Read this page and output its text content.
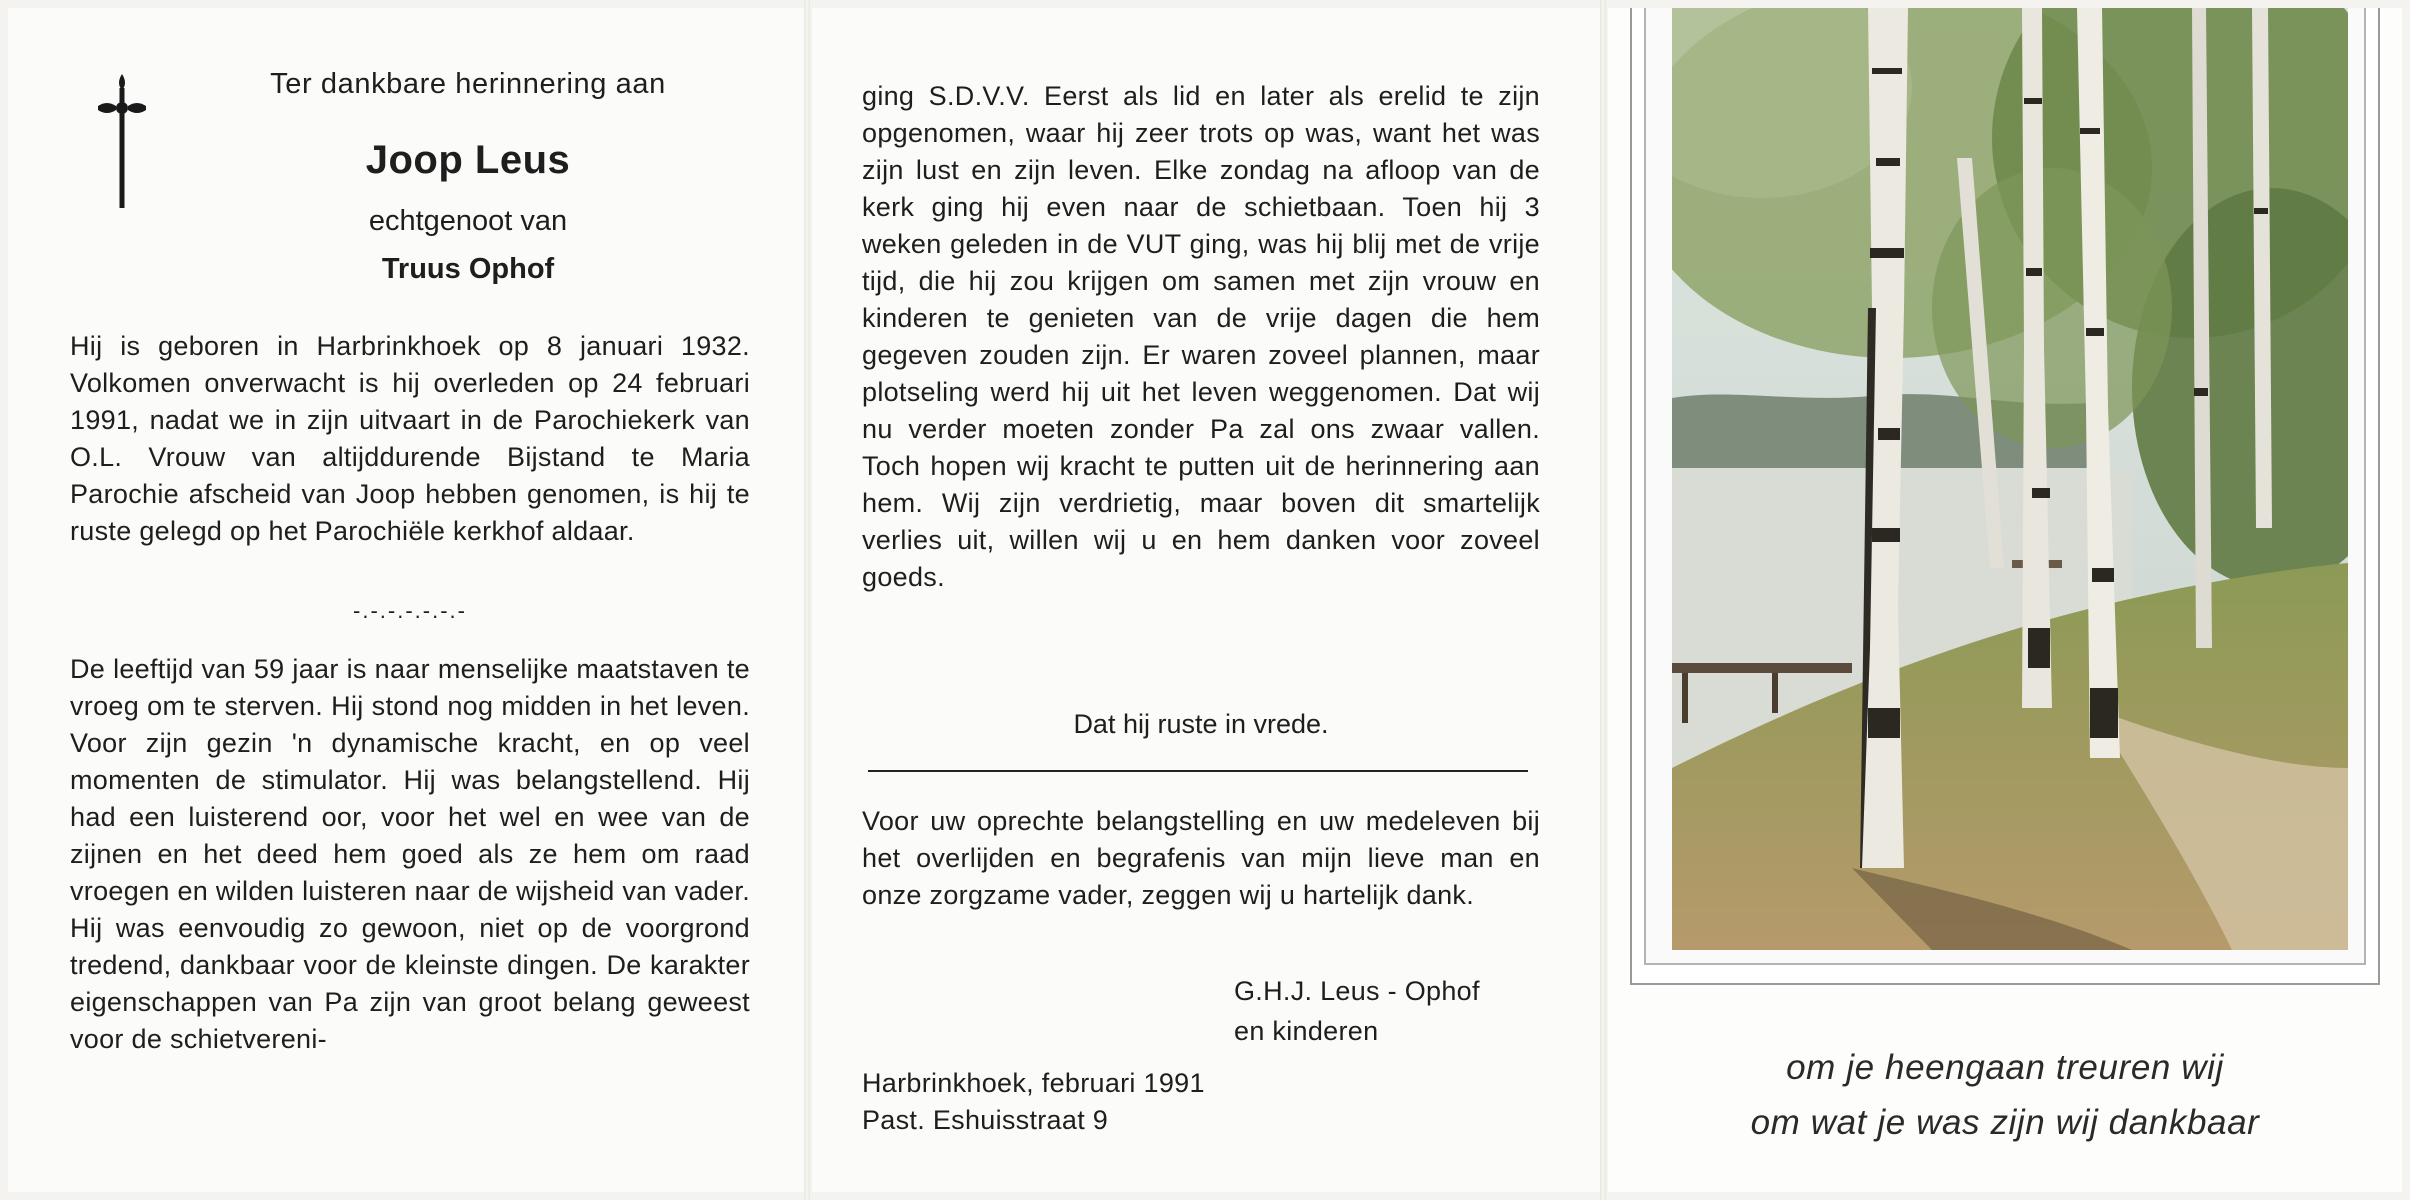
Ter dankbare herinnering aan
Joop Leus
echtgenoot van
Truus Ophof

Hij is geboren in Harbrinkhoek op 8 januari 1932. Volkomen onverwacht is hij overleden op 24 februari 1991, nadat we in zijn uitvaart in de Parochiekerk van O.L. Vrouw van altijddurende Bijstand te Maria Parochie afscheid van Joop hebben genomen, is hij te ruste gelegd op het Parochiële kerkhof aldaar.

-.-.-.-.-.-.-

De leeftijd van 59 jaar is naar menselijke maatstaven te vroeg om te sterven. Hij stond nog midden in het leven. Voor zijn gezin 'n dynamische kracht, en op veel momenten de stimulator. Hij was belangstellend. Hij had een luisterend oor, voor het wel en wee van de zijnen en het deed hem goed als ze hem om raad vroegen en wilden luisteren naar de wijsheid van vader. Hij was eenvoudig zo gewoon, niet op de voorgrond tredend, dankbaar voor de kleinste dingen. De karakter eigenschappen van Pa zijn van groot belang geweest voor de schietvereni-

ging S.D.V.V. Eerst als lid en later als erelid te zijn opgenomen, waar hij zeer trots op was, want het was zijn lust en zijn leven. Elke zondag na afloop van de kerk ging hij even naar de schietbaan. Toen hij 3 weken geleden in de VUT ging, was hij blij met de vrije tijd, die hij zou krijgen om samen met zijn vrouw en kinderen te genieten van de vrije dagen die hem gegeven zouden zijn. Er waren zoveel plannen, maar plotseling werd hij uit het leven weggenomen. Dat wij nu verder moeten zonder Pa zal ons zwaar vallen. Toch hopen wij kracht te putten uit de herinnering aan hem. Wij zijn verdrietig, maar boven dit smartelijk verlies uit, willen wij u en hem danken voor zoveel goeds.

Dat hij ruste in vrede.

Voor uw oprechte belangstelling en uw medeleven bij het overlijden en begrafenis van mijn lieve man en onze zorgzame vader, zeggen wij u hartelijk dank.

G.H.J. Leus - Ophof
en kinderen
Harbrinkhoek, februari 1991
Past. Eshuisstraat 9
om je heengaan treuren wij
om wat je was zijn wij dankbaar
